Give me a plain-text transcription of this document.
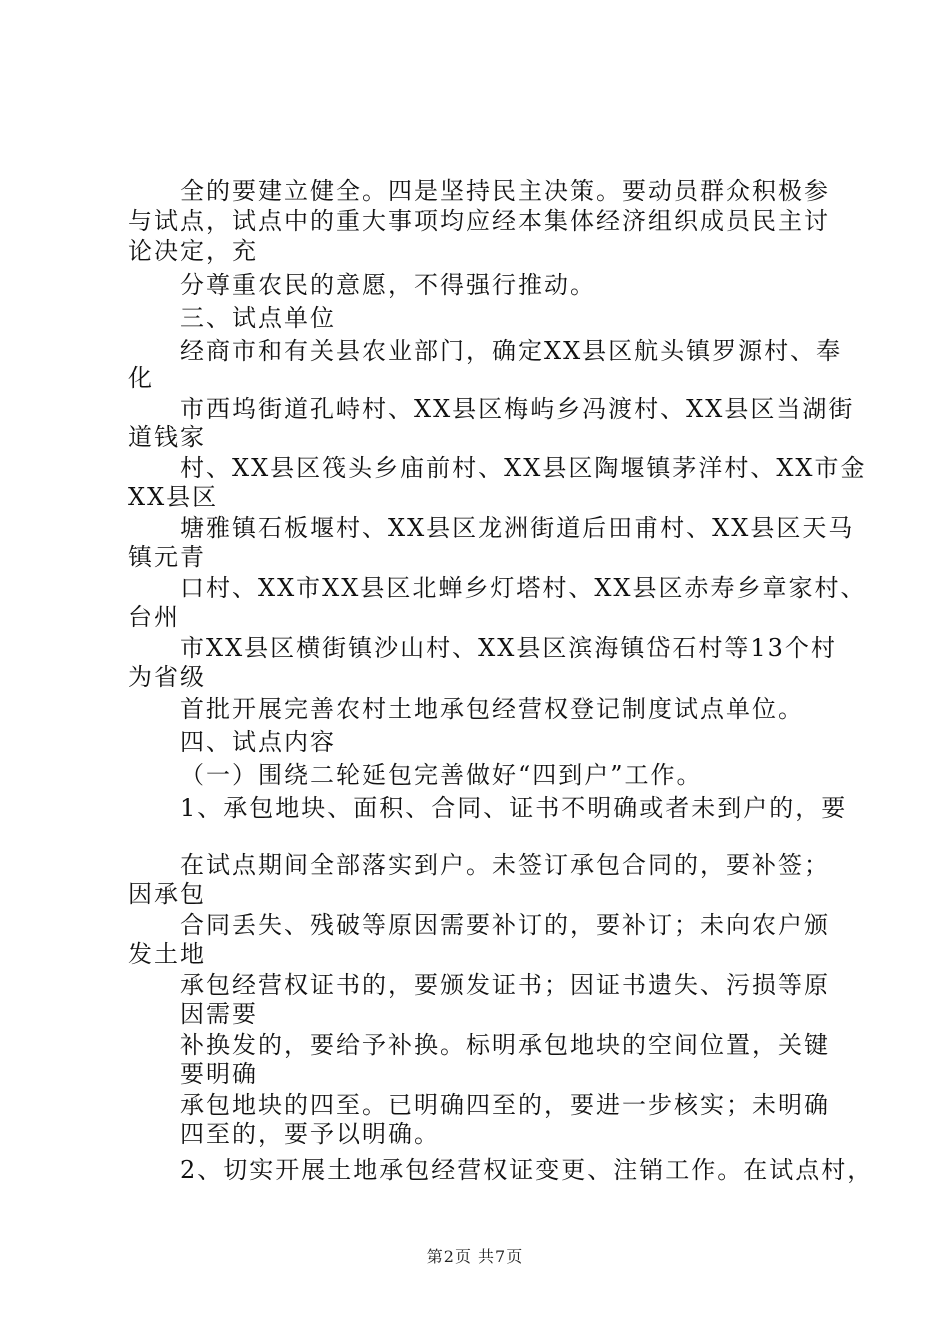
全的要建立健全。四是坚持民主决策。要动员群众积极参
与试点，试点中的重大事项均应经本集体经济组织成员民主讨
论决定，充
分尊重农民的意愿，不得强行推动。
三、试点单位
经商市和有关县农业部门，确定XX县区航头镇罗源村、奉
化
市西坞街道孔峙村、XX县区梅屿乡冯渡村、XX县区当湖街
道钱家
村、XX县区筏头乡庙前村、XX县区陶堰镇茅洋村、XX市金
XX县区
塘雅镇石板堰村、XX县区龙洲街道后田甫村、XX县区天马
镇元青
口村、XX市XX县区北蝉乡灯塔村、XX县区赤寿乡章家村、
台州
市XX县区横街镇沙山村、XX县区滨海镇岱石村等13个村
为省级
首批开展完善农村土地承包经营权登记制度试点单位。
四、试点内容
（一）围绕二轮延包完善做好“四到户”工作。
1、承包地块、面积、合同、证书不明确或者未到户的，要
在试点期间全部落实到户。未签订承包合同的，要补签；
因承包
合同丢失、残破等原因需要补订的，要补订；未向农户颁
发土地
承包经营权证书的，要颁发证书；因证书遗失、污损等原
因需要
补换发的，要给予补换。标明承包地块的空间位置，关键
要明确
承包地块的四至。已明确四至的，要进一步核实；未明确
四至的，要予以明确。
2、切实开展土地承包经营权证变更、注销工作。在试点村，
第2页 共7页
